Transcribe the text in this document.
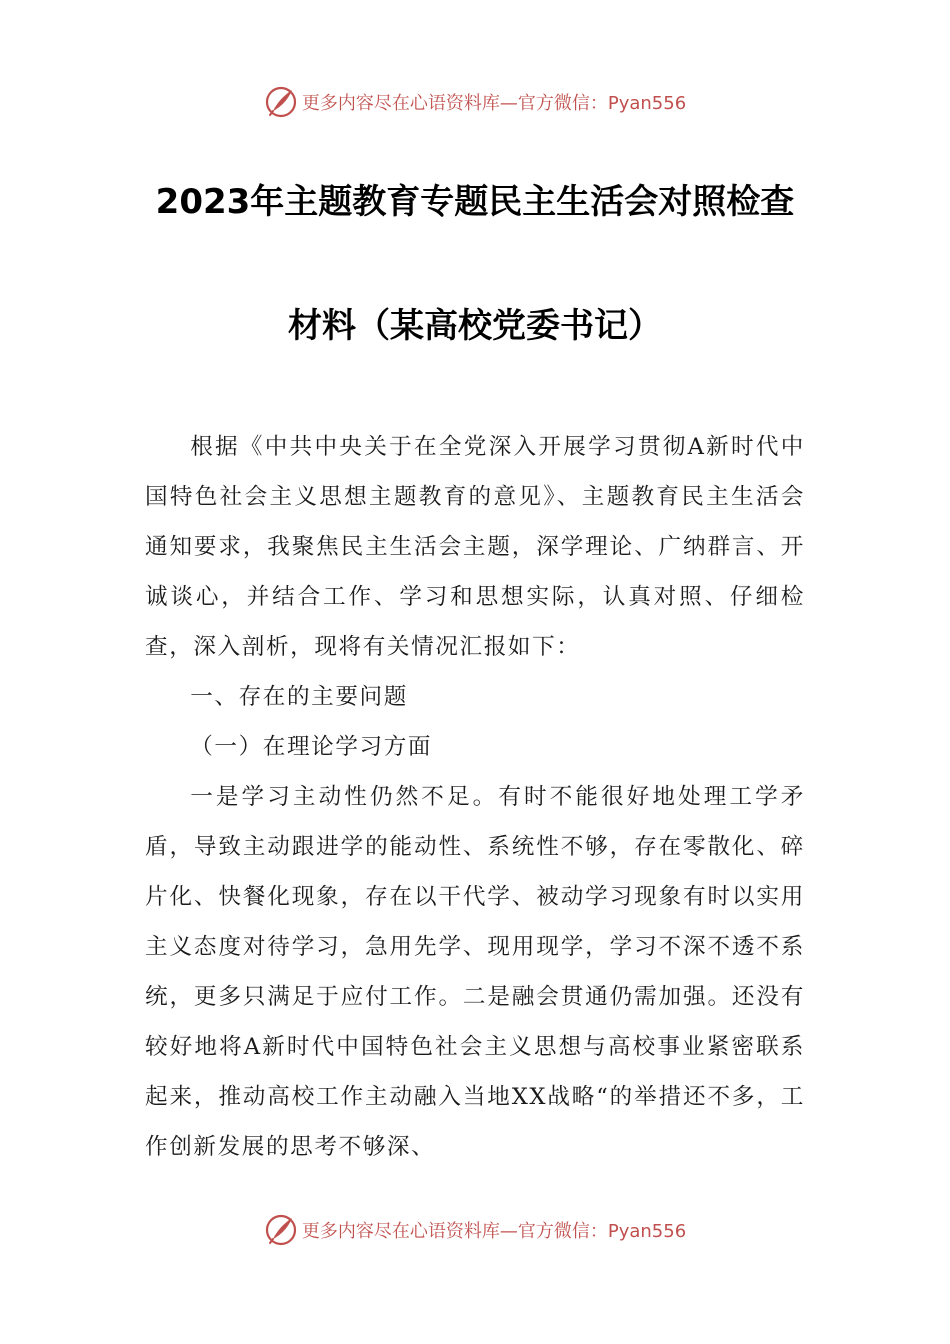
更多内容尽在心语资料库—官方微信：Pyan556
2023年主题教育专题民主生活会对照检查
材料（某高校党委书记）

根据《中共中央关于在全党深入开展学习贯彻A新时代中国特色社会主义思想主题教育的意见》、主题教育民主生活会通知要求，我聚焦民主生活会主题，深学理论、广纳群言、开诚谈心，并结合工作、学习和思想实际，认真对照、仔细检查，深入剖析，现将有关情况汇报如下：

一、存在的主要问题

（一）在理论学习方面

一是学习主动性仍然不足。有时不能很好地处理工学矛盾，导致主动跟进学的能动性、系统性不够，存在零散化、碎片化、快餐化现象，存在以干代学、被动学习现象有时以实用主义态度对待学习，急用先学、现用现学，学习不深不透不系统，更多只满足于应付工作。二是融会贯通仍需加强。还没有较好地将A新时代中国特色社会主义思想与高校事业紧密联系起来，推动高校工作主动融入当地XX战略“的举措还不多，工作创新发展的思考不够深、

更多内容尽在心语资料库—官方微信：Pyan556
